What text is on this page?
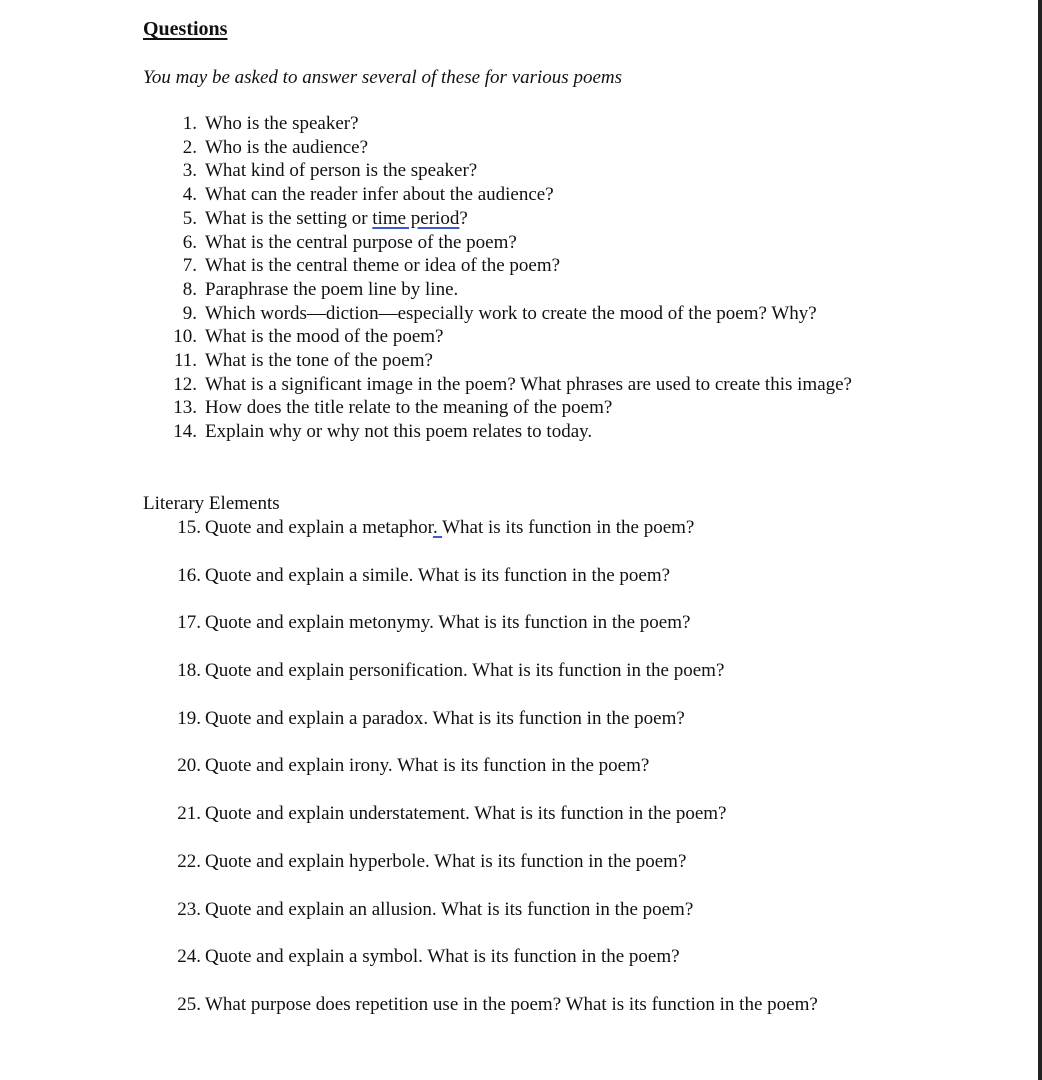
Questions
You may be asked to answer several of these for various poems
1. Who is the speaker?
2. Who is the audience?
3. What kind of person is the speaker?
4. What can the reader infer about the audience?
5. What is the setting or time period?
6. What is the central purpose of the poem?
7. What is the central theme or idea of the poem?
8. Paraphrase the poem line by line.
9. Which words—diction—especially work to create the mood of the poem? Why?
10. What is the mood of the poem?
11. What is the tone of the poem?
12. What is a significant image in the poem? What phrases are used to create this image?
13. How does the title relate to the meaning of the poem?
14. Explain why or why not this poem relates to today.
Literary Elements
15. Quote and explain a metaphor. What is its function in the poem?
16. Quote and explain a simile. What is its function in the poem?
17. Quote and explain metonymy. What is its function in the poem?
18. Quote and explain personification. What is its function in the poem?
19. Quote and explain a paradox. What is its function in the poem?
20. Quote and explain irony. What is its function in the poem?
21. Quote and explain understatement. What is its function in the poem?
22. Quote and explain hyperbole. What is its function in the poem?
23. Quote and explain an allusion. What is its function in the poem?
24. Quote and explain a symbol. What is its function in the poem?
25. What purpose does repetition use in the poem? What is its function in the poem?
